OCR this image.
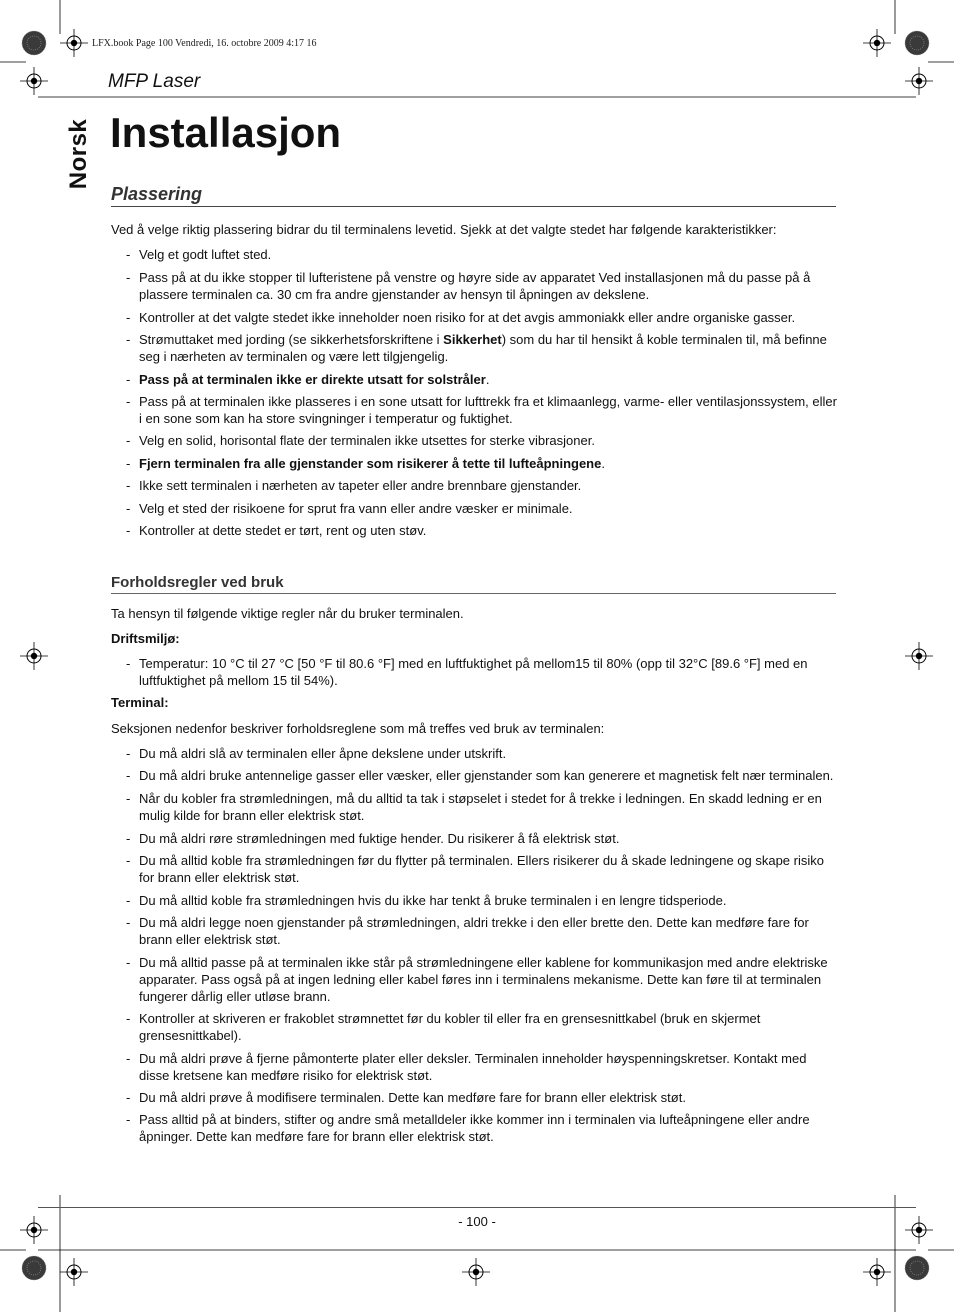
LFX.book Page 100 Vendredi, 16. octobre 2009 4:17 16
MFP Laser
Norsk Installasjon
Plassering
Ved å velge riktig plassering bidrar du til terminalens levetid. Sjekk at det valgte stedet har følgende karakteristikker:
- Velg et godt luftet sted.
- Pass på at du ikke stopper til lufteristene på venstre og høyre side av apparatet Ved installasjonen må du passe på å plassere terminalen ca. 30 cm fra andre gjenstander av hensyn til åpningen av dekslene.
- Kontroller at det valgte stedet ikke inneholder noen risiko for at det avgis ammoniakk eller andre organiske gasser.
- Strømuttaket med jording (se sikkerhetsforskriftene i Sikkerhet) som du har til hensikt å koble terminalen til, må befinne seg i nærheten av terminalen og være lett tilgjengelig.
- Pass på at terminalen ikke er direkte utsatt for solstråler.
- Pass på at terminalen ikke plasseres i en sone utsatt for lufttrekk fra et klimaanlegg, varme- eller ventilasjonssystem, eller i en sone som kan ha store svingninger i temperatur og fuktighet.
- Velg en solid, horisontal flate der terminalen ikke utsettes for sterke vibrasjoner.
- Fjern terminalen fra alle gjenstander som risikerer å tette til lufteåpningene.
- Ikke sett terminalen i nærheten av tapeter eller andre brennbare gjenstander.
- Velg et sted der risikoene for sprut fra vann eller andre væsker er minimale.
- Kontroller at dette stedet er tørt, rent og uten støv.
Forholdsregler ved bruk
Ta hensyn til følgende viktige regler når du bruker terminalen.
Driftsmiljø:
- Temperatur: 10 °C til 27 °C [50 °F til 80.6 °F] med en luftfuktighet på mellom15 til 80% (opp til 32°C [89.6 °F] med en luftfuktighet på mellom 15 til 54%).
Terminal:
Seksjonen nedenfor beskriver forholdsreglene som må treffes ved bruk av terminalen:
- Du må aldri slå av terminalen eller åpne dekslene under utskrift.
- Du må aldri bruke antennelige gasser eller væsker, eller gjenstander som kan generere et magnetisk felt nær terminalen.
- Når du kobler fra strømledningen, må du alltid ta tak i støpselet i stedet for å trekke i ledningen. En skadd ledning er en mulig kilde for brann eller elektrisk støt.
- Du må aldri røre strømledningen med fuktige hender. Du risikerer å få elektrisk støt.
- Du må alltid koble fra strømledningen før du flytter på terminalen. Ellers risikerer du å skade ledningene og skape risiko for brann eller elektrisk støt.
- Du må alltid koble fra strømledningen hvis du ikke har tenkt å bruke terminalen i en lengre tidsperiode.
- Du må aldri legge noen gjenstander på strømledningen, aldri trekke i den eller brette den. Dette kan medføre fare for brann eller elektrisk støt.
- Du må alltid passe på at terminalen ikke står på strømledningene eller kablene for kommunikasjon med andre elektriske apparater. Pass også på at ingen ledning eller kabel føres inn i terminalens mekanisme. Dette kan føre til at terminalen fungerer dårlig eller utløse brann.
- Kontroller at skriveren er frakoblet strømnettet før du kobler til eller fra en grensesnittkabel (bruk en skjermet grensesnittkabel).
- Du må aldri prøve å fjerne påmonterte plater eller deksler. Terminalen inneholder høyspenningskretser. Kontakt med disse kretsene kan medføre risiko for elektrisk støt.
- Du må aldri prøve å modifisere terminalen. Dette kan medføre fare for brann eller elektrisk støt.
- Pass alltid på at binders, stifter og andre små metalldeler ikke kommer inn i terminalen via lufteåpningene eller andre åpninger. Dette kan medføre fare for brann eller elektrisk støt.
- 100 -
